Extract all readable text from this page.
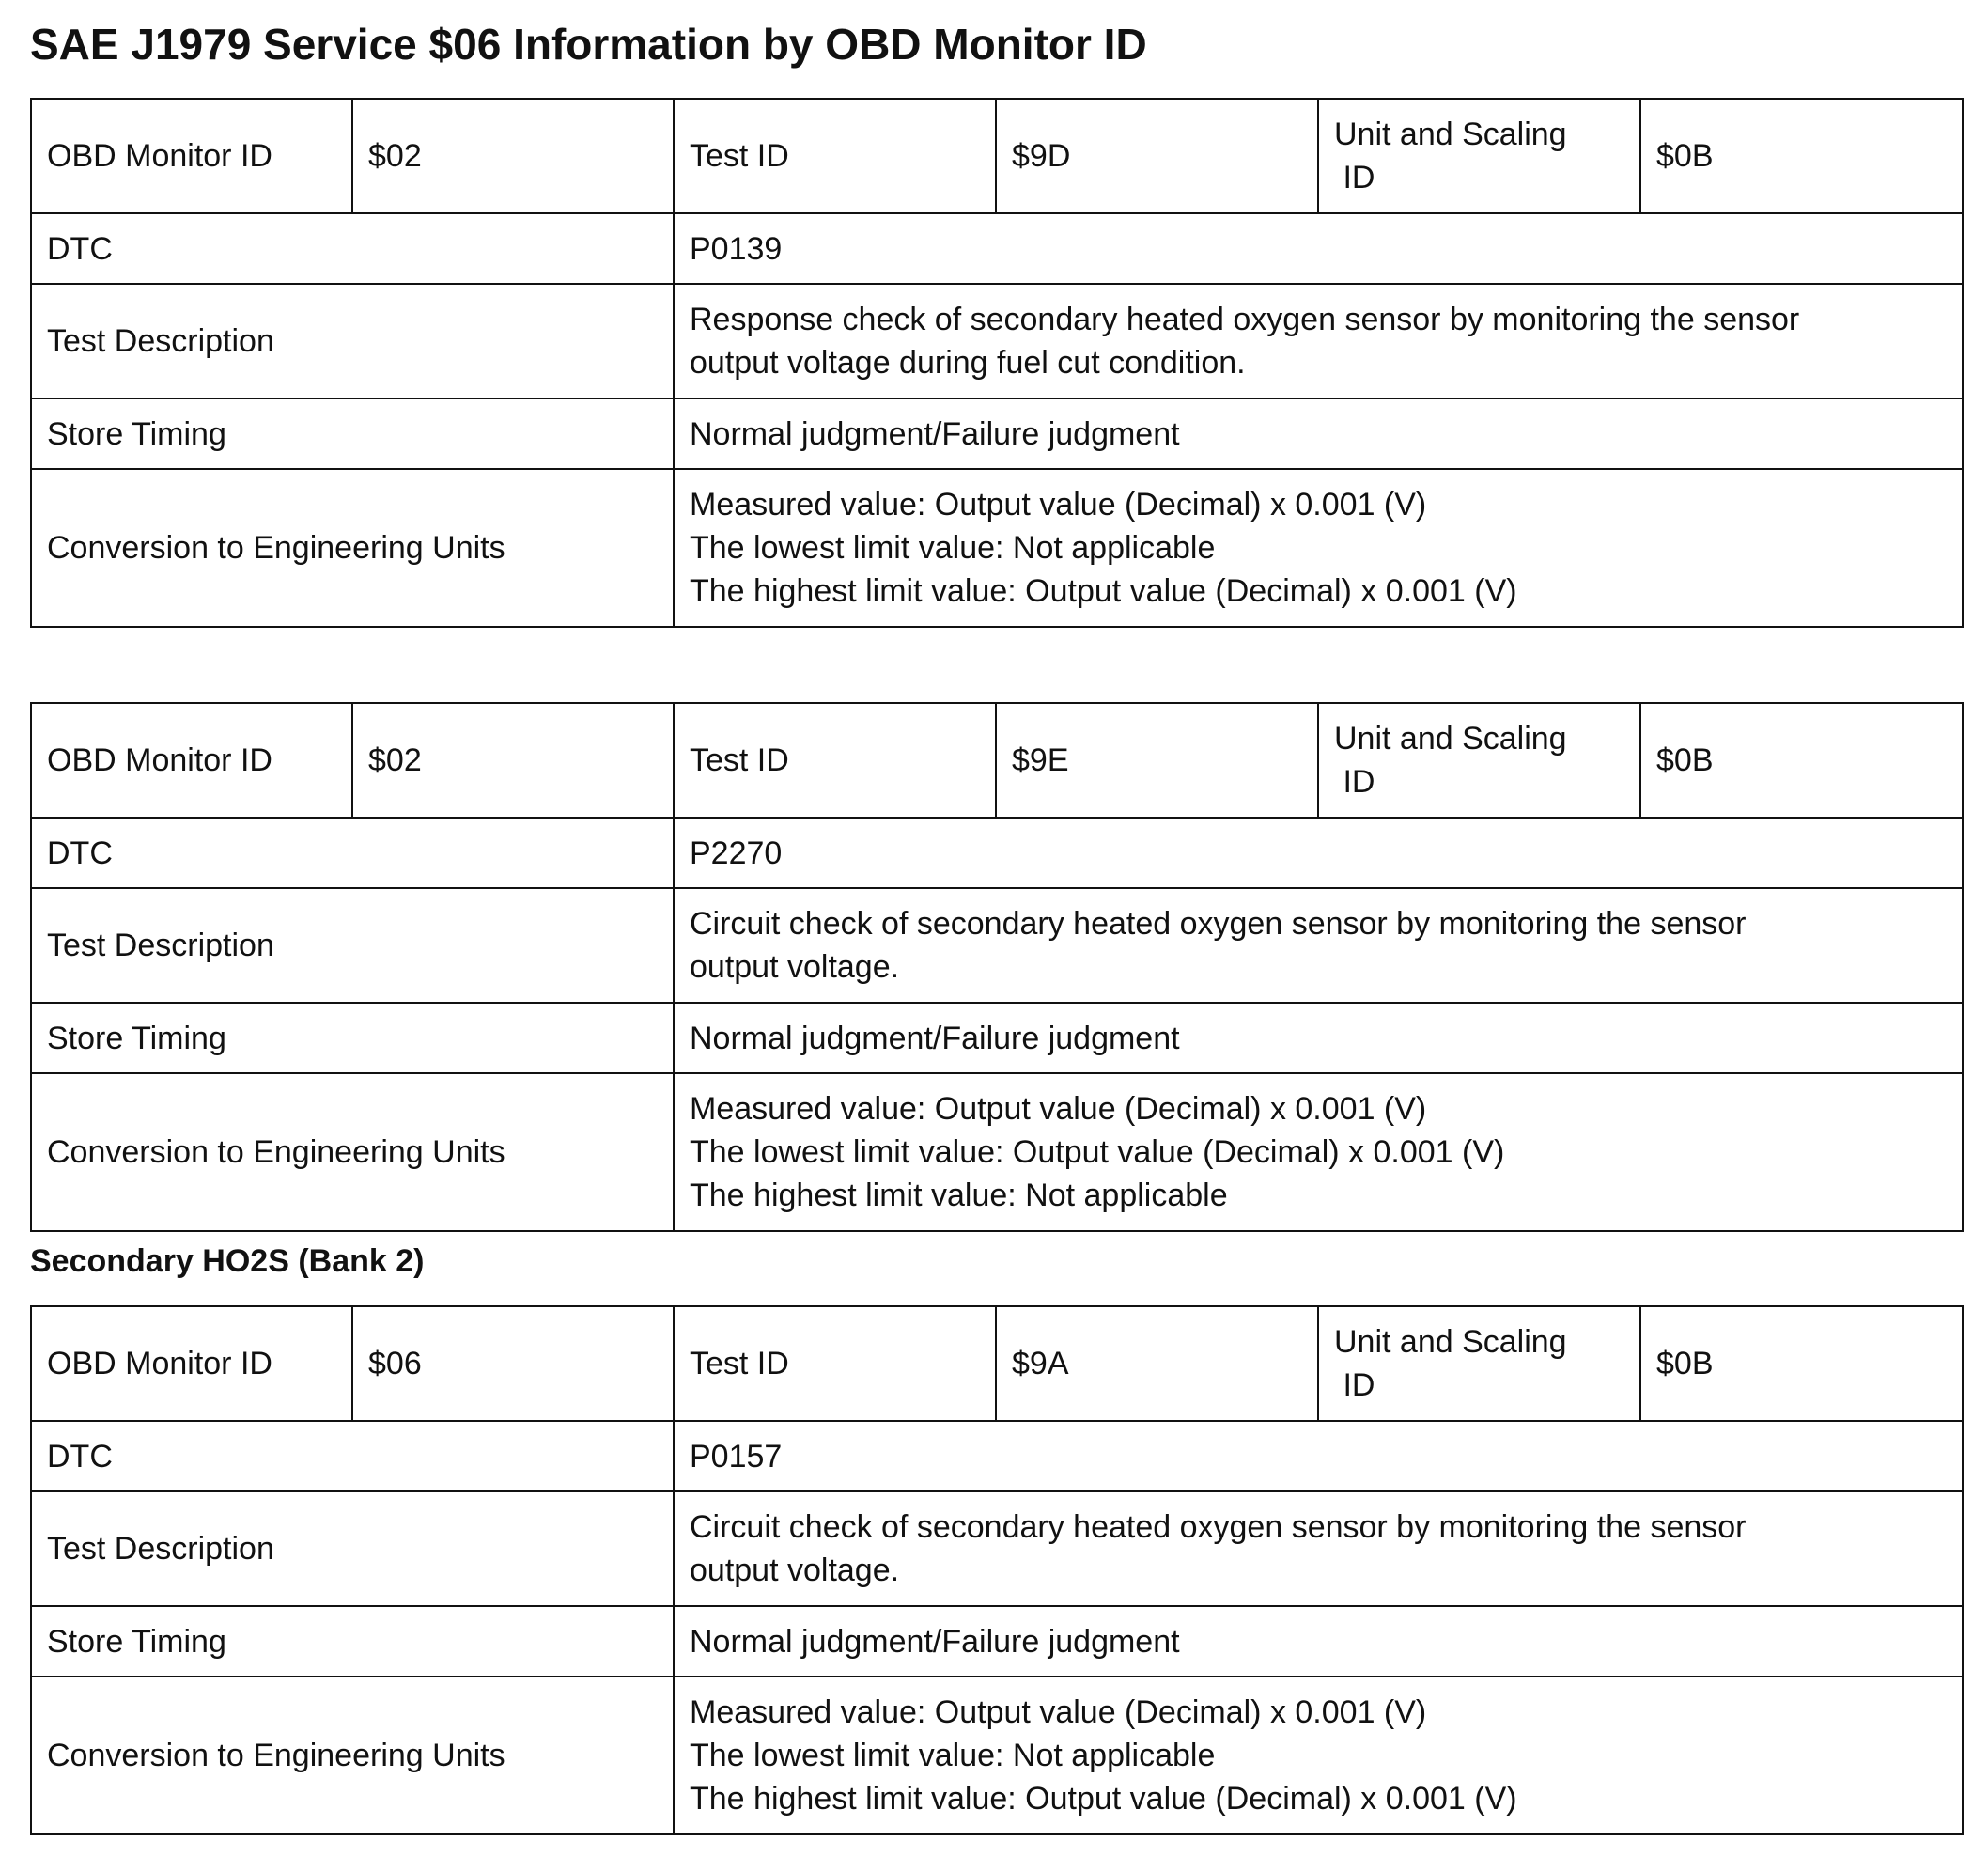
SAE J1979 Service $06 Information by OBD Monitor ID
OBD Monitor ID	$02	Test ID	$9D	Unit and Scaling
ID	$0B
DTC		P0139			
Test Description		Response check of secondary heated oxygen sensor by monitoring the sensor
output voltage during fuel cut condition.			

Store Timing		Normal judgment/Failure judgment			
Conversion to Engineering Units		Measured value: Output value (Decimal) x 0.001 (V)
The lowest limit value: Not applicable
The highest limit value: Output value (Decimal) x 0.001 (V)			
OBD Monitor ID	$02	Test ID	$9E	Unit and Scaling
ID	$0B
DTC		P2270			
Test Description		Circuit check of secondary heated oxygen sensor by monitoring the sensor
output voltage.			

Store Timing		Normal judgment/Failure judgment			
Conversion to Engineering Units		Measured value: Output value (Decimal) x 0.001 (V)
The lowest limit value: Output value (Decimal) x 0.001 (V)
The highest limit value: Not applicable			
Secondary HO2S (Bank 2)
OBD Monitor ID	$06	Test ID	$9A	Unit and Scaling
ID	$0B
DTC		P0157			
Test Description		Circuit check of secondary heated oxygen sensor by monitoring the sensor
output voltage.			

Store Timing		Normal judgment/Failure judgment			
Conversion to Engineering Units		Measured value: Output value (Decimal) x 0.001 (V)
The lowest limit value: Not applicable
The highest limit value: Output value (Decimal) x 0.001 (V)			
